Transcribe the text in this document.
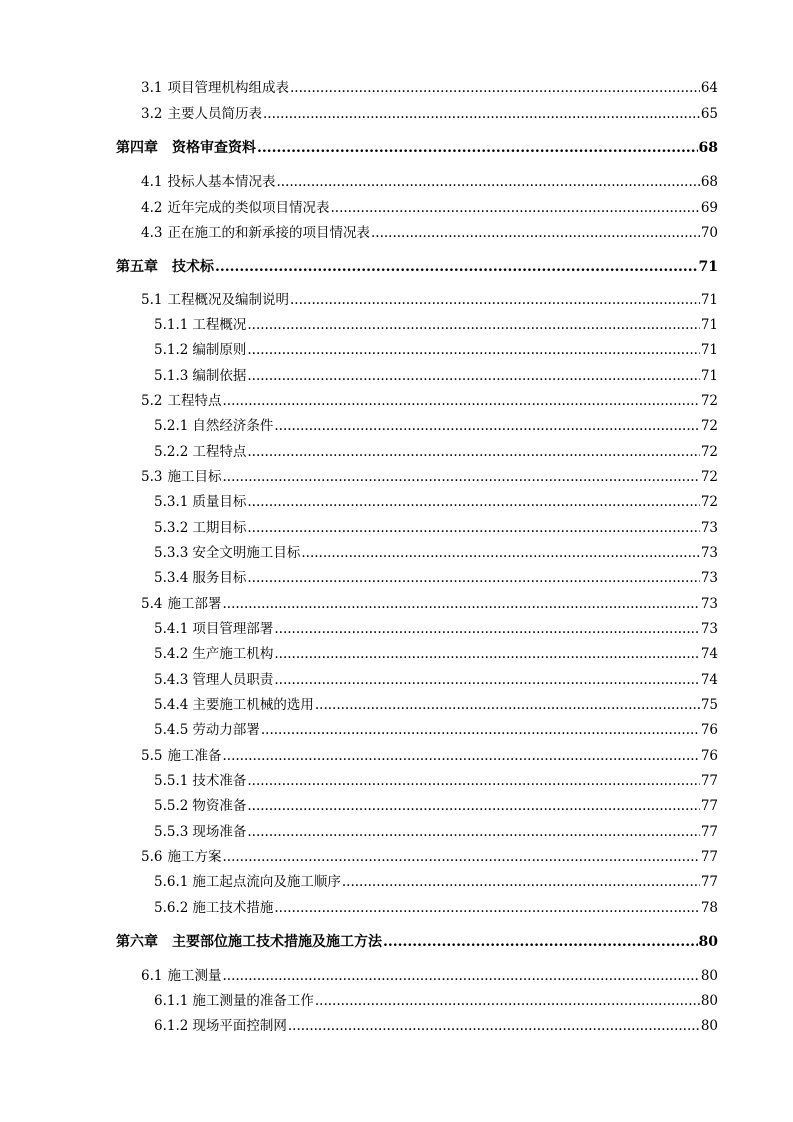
3.1 项目管理机构组成表 .....	64
3.2 主要人员简历表 .....	65
第四章 资格审查资料 .....	68
4.1 投标人基本情况表 .....	68
4.2 近年完成的类似项目情况表 .....	69
4.3 正在施工的和新承接的项目情况表 .....	70
第五章 技术标 .....	71
5.1 工程概况及编制说明 .....	71
5.1.1 工程概况 .....	71
5.1.2 编制原则 .....	71
5.1.3 编制依据 .....	71
5.2 工程特点 .....	72
5.2.1 自然经济条件 .....	72
5.2.2 工程特点 .....	72
5.3 施工目标 .....	72
5.3.1 质量目标 .....	72
5.3.2 工期目标 .....	73
5.3.3 安全文明施工目标 .....	73
5.3.4 服务目标 .....	73
5.4 施工部署 .....	73
5.4.1 项目管理部署 .....	73
5.4.2 生产施工机构 .....	74
5.4.3 管理人员职责 .....	74
5.4.4 主要施工机械的选用 .....	75
5.4.5 劳动力部署 .....	76
5.5 施工准备 .....	76
5.5.1 技术准备 .....	77
5.5.2 物资准备 .....	77
5.5.3 现场准备 .....	77
5.6 施工方案 .....	77
5.6.1 施工起点流向及施工顺序 .....	77
5.6.2 施工技术措施 .....	78
第六章 主要部位施工技术措施及施工方法 .....	80
6.1 施工测量 .....	80
6.1.1 施工测量的准备工作 .....	80
6.1.2 现场平面控制网 .....	80
